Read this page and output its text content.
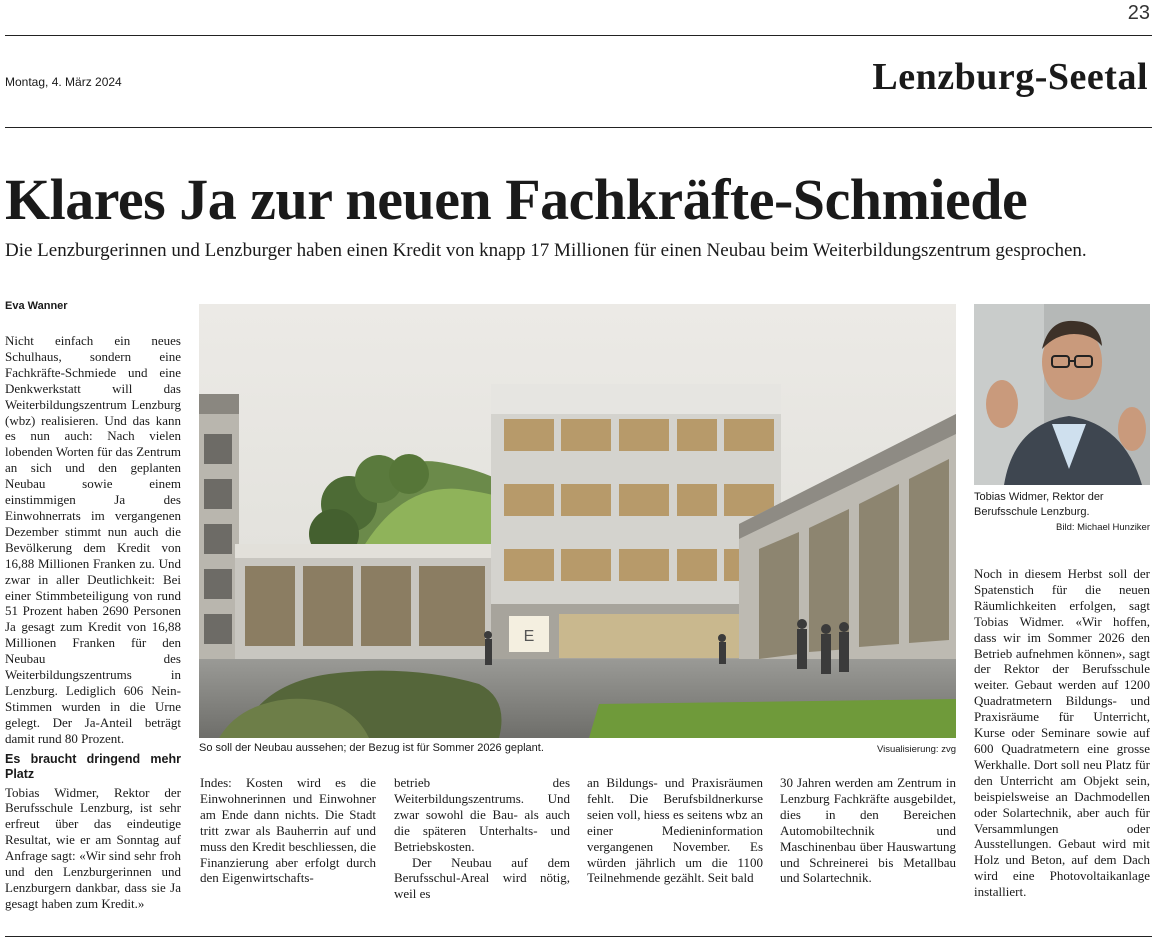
23
Montag, 4. März 2024	Lenzburg-Seetal
Klares Ja zur neuen Fachkräfte-Schmiede
Die Lenzburgerinnen und Lenzburger haben einen Kredit von knapp 17 Millionen für einen Neubau beim Weiterbildungszentrum gesprochen.
Eva Wanner

Nicht einfach ein neues Schulhaus, sondern eine Fachkräfte-Schmiede und eine Denkwerkstatt will das Weiterbildungszentrum Lenzburg (wbz) realisieren. Und das kann es nun auch: Nach vielen lobenden Worten für das Zentrum an sich und den geplanten Neubau sowie einem einstimmigen Ja des Einwohnerrats im vergangenen Dezember stimmt nun auch die Bevölkerung dem Kredit von 16,88 Millionen Franken zu. Und zwar in aller Deutlichkeit: Bei einer Stimmbeteiligung von rund 51 Prozent haben 2690 Personen Ja gesagt zum Kredit von 16,88 Millionen Franken für den Neubau des Weiterbildungszentrums in Lenzburg. Lediglich 606 Nein-Stimmen wurden in die Urne gelegt. Der Ja-Anteil beträgt damit rund 80 Prozent.

Es braucht dringend mehr Platz

Tobias Widmer, Rektor der Berufsschule Lenzburg, ist sehr erfreut über das eindeutige Resultat, wie er am Sonntag auf Anfrage sagt: «Wir sind sehr froh und den Lenzburgerinnen und Lenzburgern dankbar, dass sie Ja gesagt haben zum Kredit.»

E
So soll der Neubau aussehen; der Bezug ist für Sommer 2026 geplant.	Visualisierung: zvg
Tobias Widmer, Rektor der Berufsschule Lenzburg.
Bild: Michael Hunziker

Indes: Kosten wird es die Einwohnerinnen und Einwohner am Ende dann nichts. Die Stadt tritt zwar als Bauherrin auf und muss den Kredit beschliessen, die Finanzierung aber erfolgt durch den Eigenwirtschafts-

betrieb des Weiterbildungszentrums. Und zwar sowohl die Bau- als auch die späteren Unterhalts- und Betriebskosten.

Der Neubau auf dem Berufsschul-Areal wird nötig, weil es

an Bildungs- und Praxisräumen fehlt. Die Berufsbildnerkurse seien voll, hiess es seitens wbz an einer Medieninformation vergangenen November. Es würden jährlich um die 1100 Teilnehmende gezählt. Seit bald

30 Jahren werden am Zentrum in Lenzburg Fachkräfte ausgebildet, dies in den Bereichen Automobiltechnik und Maschinenbau über Hauswartung und Schreinerei bis Metallbau und Solartechnik.

Noch in diesem Herbst soll der Spatenstich für die neuen Räumlichkeiten erfolgen, sagt Tobias Widmer. «Wir hoffen, dass wir im Sommer 2026 den Betrieb aufnehmen können», sagt der Rektor der Berufsschule weiter. Gebaut werden auf 1200 Quadratmetern Bildungs- und Praxisräume für Unterricht, Kurse oder Seminare sowie auf 600 Quadratmetern eine grosse Werkhalle. Dort soll neu Platz für den Unterricht am Objekt sein, beispielsweise an Dachmodellen oder Solartechnik, aber auch für Versammlungen oder Ausstellungen. Gebaut wird mit Holz und Beton, auf dem Dach wird eine Photovoltaikanlage installiert.
